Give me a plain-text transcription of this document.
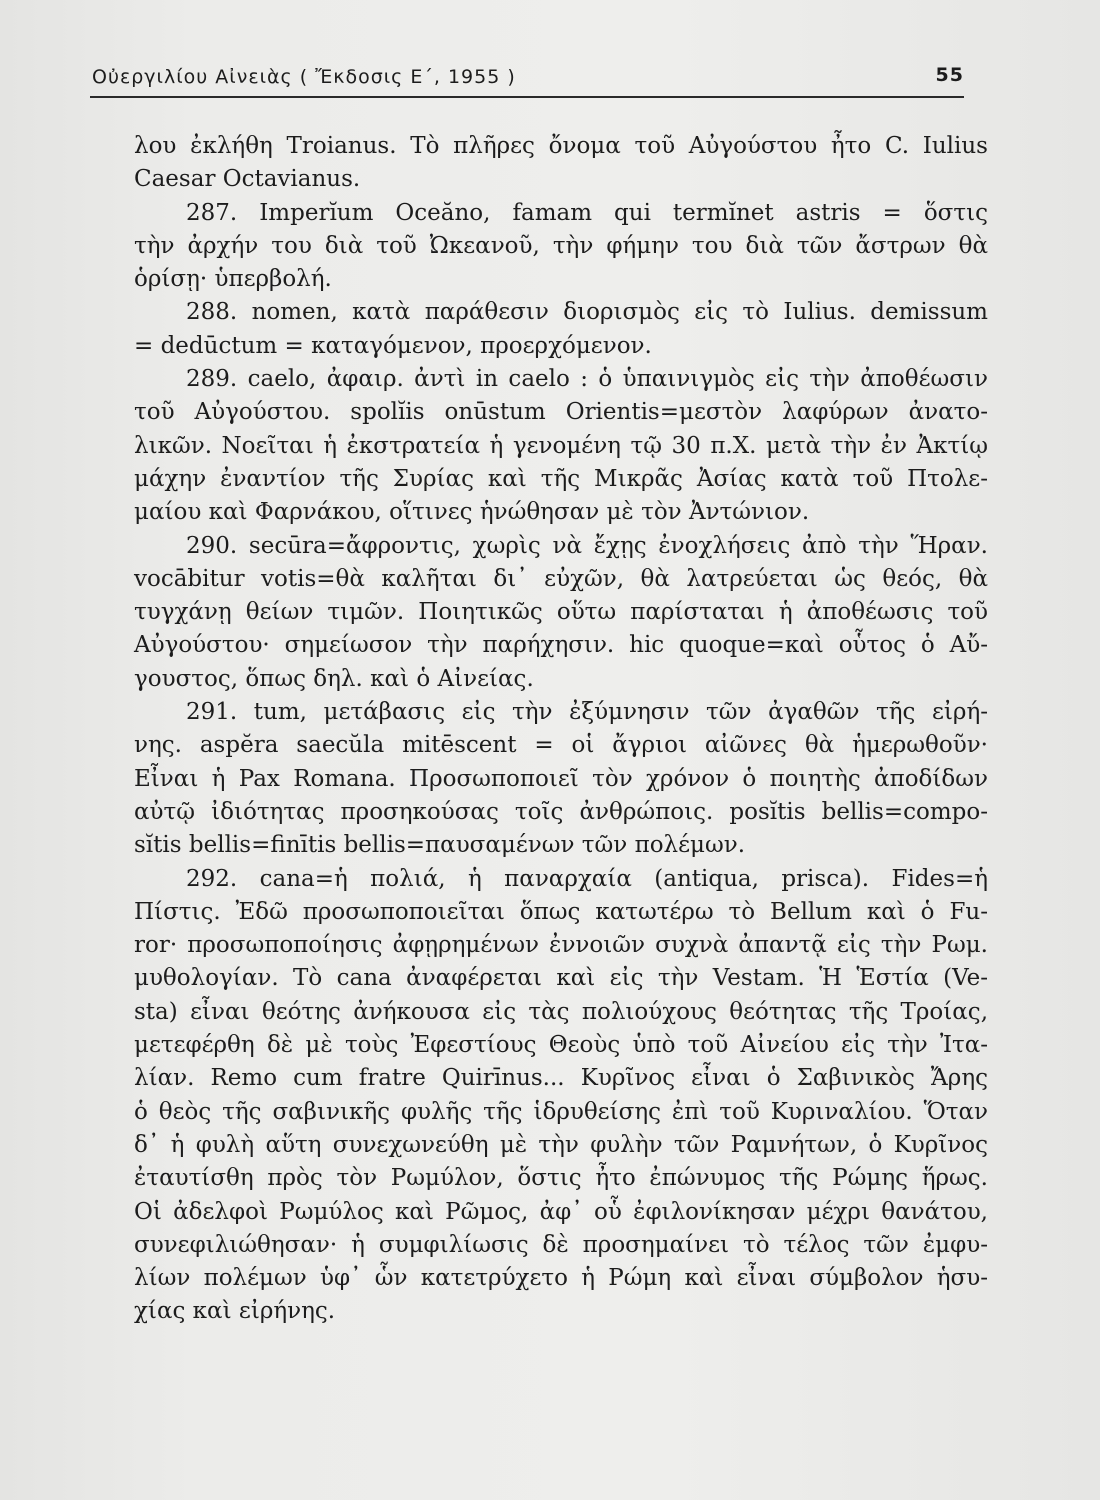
Οὐεργιλίου Αἰνειὰς ( Ἔκδοσις Ε΄, 1955 )	55
λου ἐκλήθη Troianus. Τὸ πλῆρες ὄνομα τοῦ Αὐγούστου ἦτο C. Iulius
Caesar Octavianus.
287. Imperĭum Oceăno, famam qui termĭnet astris = ὅστις
τὴν ἀρχήν του διὰ τοῦ Ὠκεανοῦ, τὴν φήμην του διὰ τῶν ἄστρων θὰ
ὁρίσῃ· ὑπερβολή.
288. nomen, κατὰ παράθεσιν διορισμὸς εἰς τὸ Iulius. demissum
= dedūctum = καταγόμενον, προερχόμενον.
289. caelo, ἀφαιρ. ἀντὶ in caelo : ὁ ὑπαινιγμὸς εἰς τὴν ἀποθέωσιν
τοῦ Αὐγούστου. spolĭis onūstum Orientis=μεστὸν λαφύρων ἀνατο-
λικῶν. Νοεῖται ἡ ἐκστρατεία ἡ γενομένη τῷ 30 π.Χ. μετὰ τὴν ἐν Ἀκτίῳ
μάχην ἐναντίον τῆς Συρίας καὶ τῆς Μικρᾶς Ἀσίας κατὰ τοῦ Πτολε-
μαίου καὶ Φαρνάκου, οἵτινες ἡνώθησαν μὲ τὸν Ἀντώνιον.
290. secūra=ἄφροντις, χωρὶς νὰ ἔχῃς ἐνοχλήσεις ἀπὸ τὴν Ἥραν.
vocābitur votis=θὰ καλῆται δι᾽ εὐχῶν, θὰ λατρεύεται ὡς θεός, θὰ
τυγχάνῃ θείων τιμῶν. Ποιητικῶς οὕτω παρίσταται ἡ ἀποθέωσις τοῦ
Αὐγούστου· σημείωσον τὴν παρήχησιν. hic quoque=καὶ οὗτος ὁ Αὔ-
γουστος, ὅπως δηλ. καὶ ὁ Αἰνείας.
291. tum, μετάβασις εἰς τὴν ἐξύμνησιν τῶν ἀγαθῶν τῆς εἰρή-
νης. aspĕra saecŭla mitēscent = οἱ ἄγριοι αἰῶνες θὰ ἡμερωθοῦν·
Εἶναι ἡ Pax Romana. Προσωποποιεῖ τὸν χρόνον ὁ ποιητὴς ἀποδίδων
αὐτῷ ἰδιότητας προσηκούσας τοῖς ἀνθρώποις. posĭtis bellis=compo-
sĭtis bellis=finītis bellis=παυσαμένων τῶν πολέμων.
292. cana=ἡ πολιά, ἡ παναρχαία (antiqua, prisca). Fides=ἡ
Πίστις. Ἐδῶ προσωποποιεῖται ὅπως κατωτέρω τὸ Bellum καὶ ὁ Fu-
ror· προσωποποίησις ἀφῃρημένων ἐννοιῶν συχνὰ ἀπαντᾷ εἰς τὴν Ρωμ.
μυθολογίαν. Τὸ cana ἀναφέρεται καὶ εἰς τὴν Vestam. Ἡ Ἑστία (Ve-
sta) εἶναι θεότης ἀνήκουσα εἰς τὰς πολιούχους θεότητας τῆς Τροίας,
μετεφέρθη δὲ μὲ τοὺς Ἐφεστίους Θεοὺς ὑπὸ τοῦ Αἰνείου εἰς τὴν Ἰτα-
λίαν. Remo cum fratre Quirīnus... Κυρῖνος εἶναι ὁ Σαβινικὸς Ἄρης
ὁ θεὸς τῆς σαβινικῆς φυλῆς τῆς ἱδρυθείσης ἐπὶ τοῦ Κυριναλίου. Ὅταν
δ᾽ ἡ φυλὴ αὕτη συνεχωνεύθη μὲ τὴν φυλὴν τῶν Ραμνήτων, ὁ Κυρῖνος
ἐταυτίσθη πρὸς τὸν Ρωμύλον, ὅστις ἦτο ἐπώνυμος τῆς Ρώμης ἥρως.
Οἱ ἀδελφοὶ Ρωμύλος καὶ Ρῶμος, ἀφ᾽ οὗ ἐφιλονίκησαν μέχρι θανάτου,
συνεφιλιώθησαν· ἡ συμφιλίωσις δὲ προσημαίνει τὸ τέλος τῶν ἐμφυ-
λίων πολέμων ὑφ᾽ ὧν κατετρύχετο ἡ Ρώμη καὶ εἶναι σύμβολον ἡσυ-
χίας καὶ εἰρήνης.
